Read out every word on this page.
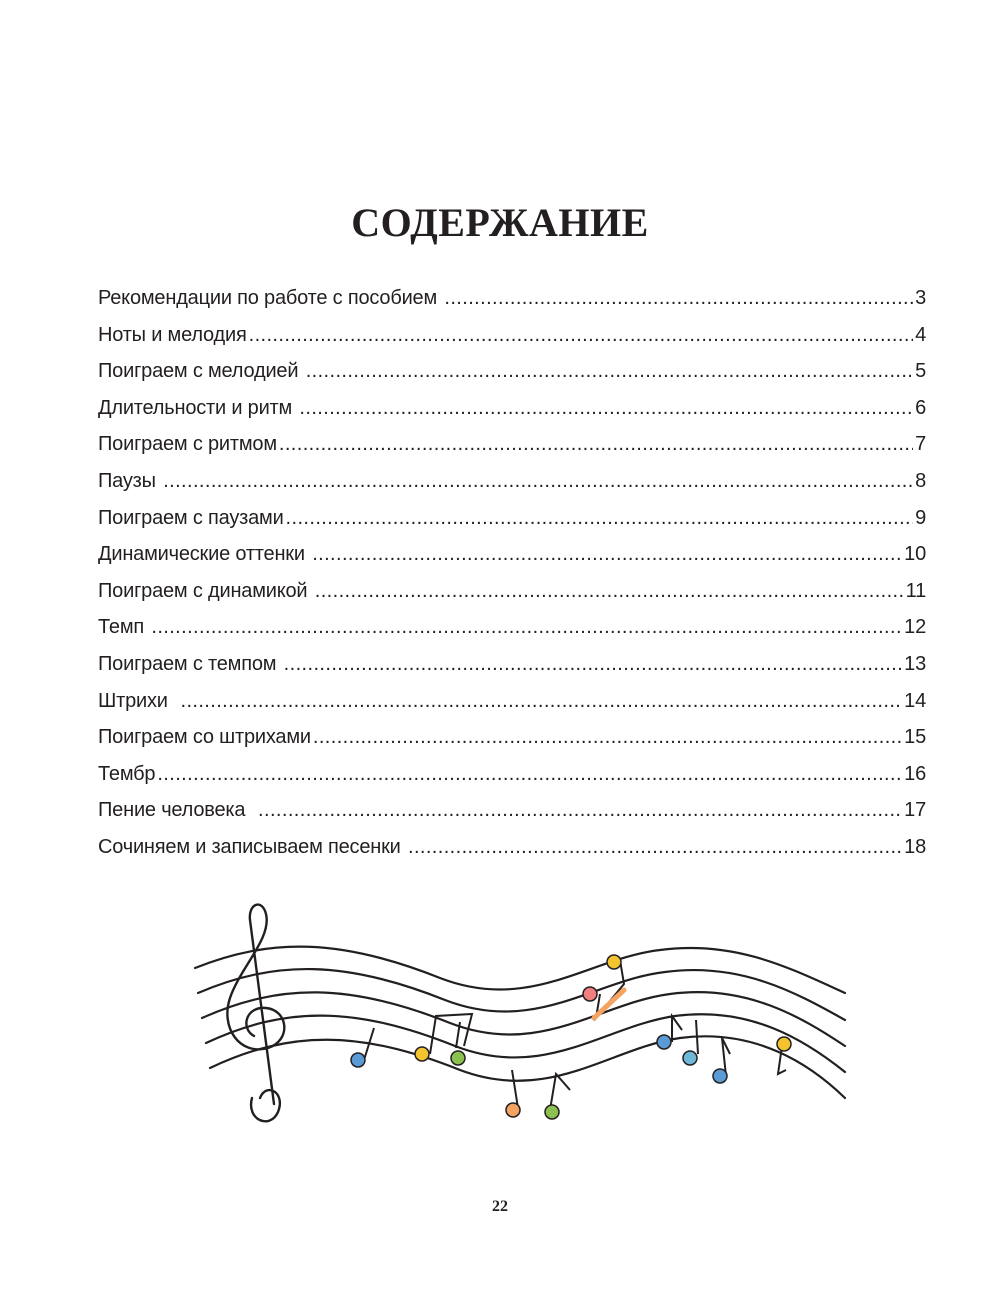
СОДЕРЖАНИЕ
Рекомендации по работе с пособием .....	3
Ноты и мелодия .....	4
Поиграем с мелодией .....	5
Длительности и ритм .....	6
Поиграем с ритмом .....	7
Паузы .....	8
Поиграем с паузами .....	9
Динамические оттенки .....	10
Поиграем с динамикой .....	11
Темп .....	12
Поиграем с темпом .....	13
Штрихи .....	14
Поиграем со штрихами .....	15
Тембр .....	16
Пение человека .....	17
Сочиняем и записываем песенки .....	18

22
